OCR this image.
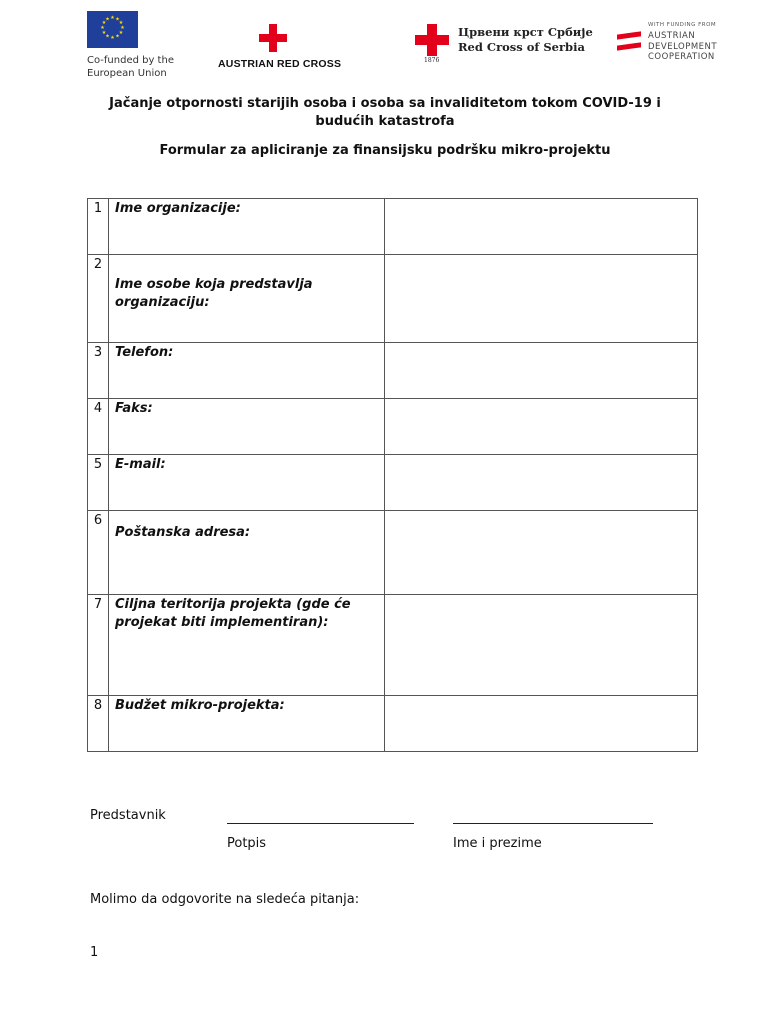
★ ★
★
★
★
★
★
★
★
★
★
★
Co-funded by the
European Union
AUSTRIAN RED CROSS	1876
Црвени крст Србије
Red Cross of Serbia
WITH FUNDING FROM
AUSTRIAN
DEVELOPMENT
COOPERATION
Jačanje otpornosti starijih osoba i osoba sa invaliditetom tokom COVID-19 i
budućih katastrofa
Formular za apliciranje za finansijsku podršku mikro-projektu
1	Ime organizacije:	
2	Ime osobe koja predstavlja organizaciju:	

3	Telefon:	
4	Faks:	
5	E-mail:	
6	Poštanska adresa:	

7	Ciljna teritorija projekta (gde će projekat biti implementiran):	
8	Budžet mikro-projekta:	
Predstavnik
Potpis	Ime i prezime
Molimo da odgovorite na sledeća pitanja:
1
